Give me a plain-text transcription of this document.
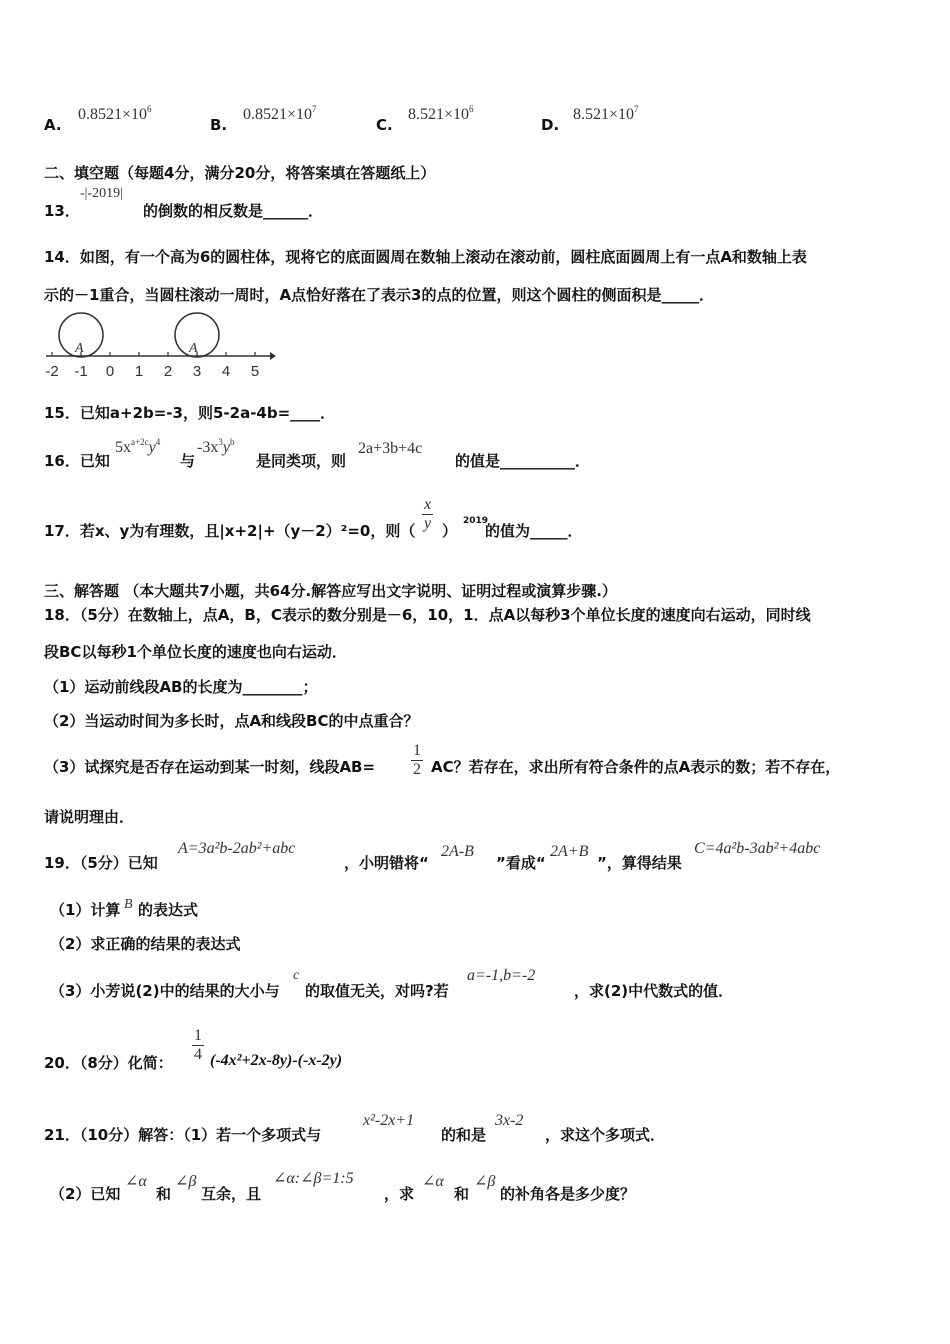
A.
$0.8521\times 10^6$
B.
$0.8521\times 10^7$
C.
$8.521\times 10^6$
D.
$8.521\times 10^7$
二、填空题（每题4分，满分20分，将答案填在答题纸上）
13．
-|-2019|
的倒数的相反数是______．
14．如图，有一个高为6的圆柱体，现将它的底面圆周在数轴上滚动在滚动前，圆柱底面圆周上有一点A和数轴上表
示的－1重合，当圆柱滚动一周时，A点恰好落在了表示3的点的位置，则这个圆柱的侧面积是_____．
A	A
-2 -1 0 1 2 3 4 5
15．已知a+2b=-3，则5-2a-4b=____．
16．已知
$5x^{a+2c}y^4$
与
$-3x^3y^b$
是同类项，则
2a+3b+4c
的值是__________．
17．若x、y为有理数，且|x+2|+（y－2）²=0，则（ $\frac{x}{y}$ ）
2019
的值为_____．
三、解答题 （本大题共7小题，共64分.解答应写出文字说明、证明过程或演算步骤.）
18．（5分）在数轴上，点A，B，C表示的数分别是－6，10，1．点A以每秒3个单位长度的速度向右运动，同时线
段BC以每秒1个单位长度的速度也向右运动．
（1）运动前线段AB的长度为________；
（2）当运动时间为多长时，点A和线段BC的中点重合？
（3）试探究是否存在运动到某一时刻，线段$AB= \frac{1}{2}$ AC？若存在，求出所有符合条件的点A表示的数；若不存在，
请说明理由．
19．（5分）已知
A=3a²b-2ab²+abc
，小明错将“
2A-B
”看成“
2A+B
”，算得结果
C=4a²b-3ab²+4abc
（1）计算 B 的表达式
（2）求正确的结果的表达式
（3）小芳说(2)中的结果的大小与
c
的取值无关，对吗?若
a=-1,b=-2
，求(2)中代数式的值．
20．（8分）化简： $\frac{1}{4} (-4x^2+2x-8y)-(-x-2y)$
21．（10分）解答：（1）若一个多项式与
x²-2x+1
的和是
3x-2
，求这个多项式．
（2）已知
∠α
和
∠β
互余，且
∠α:∠β=1:5
，求
∠α
和
∠β
的补角各是多少度？
